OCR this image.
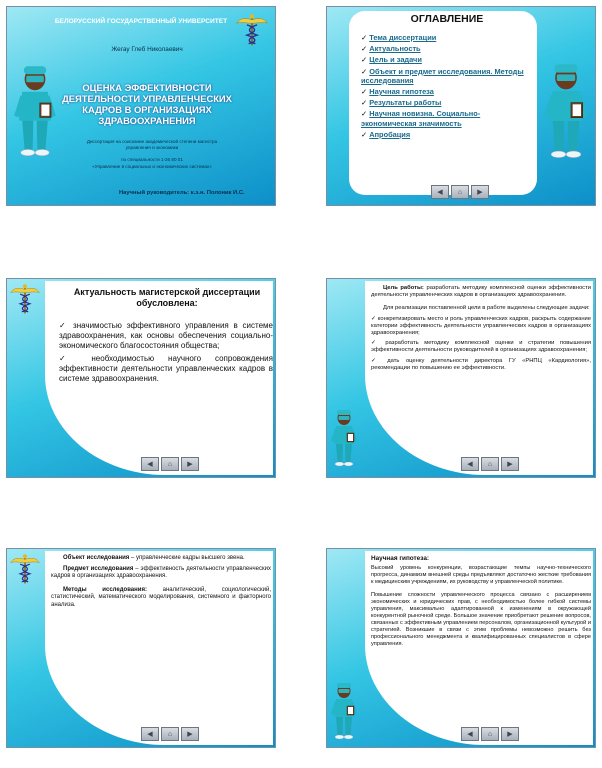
БЕЛОРУССКИЙ ГОСУДАРСТВЕННЫЙ УНИВЕРСИТЕТ
Жегау Глеб Николаевич
ОЦЕНКА ЭФФЕКТИВНОСТИ ДЕЯТЕЛЬНОСТИ УПРАВЛЕНЧЕСКИХ КАДРОВ В ОРГАНИЗАЦИЯХ ЗДРАВООХРАНЕНИЯ
Диссертация на соискание академической степени магистра управления и экономики
по специальности 1-26 80 01
«Управление в социальных и экономических системах»
Научный руководитель: к.э.н. Полоник И.С.
ОГЛАВЛЕНИЕ
✓ Тема диссертации
✓ Актуальность
✓ Цель и задачи
✓ Объект и предмет исследования. Методы исследования
✓ Научная гипотеза
✓ Результаты работы
✓ Научная новизна. Социально-экономическая значимость
✓ Апробация
◀	⌂	▶
Актуальность магистерской диссертации обусловлена:

✓ значимостью эффективного управления в системе здравоохранения, как основы обеспечения социально-экономического благосостояния общества;

✓ необходимостью научного сопровождения эффективности деятельности управленческих кадров в системе здравоохранения.

◀	⌂	▶

Цель работы: разработать методику комплексной оценки эффективности деятельности управленческих кадров в организациях здравоохранения.

Для реализации поставленной цели в работе выделены следующие задачи:

✓ конкретизировать место и роль управленческих кадров, раскрыть содержание категории эффективность деятельности управленческих кадров в организациях здравоохранения;

✓ разработать методику комплексной оценки и стратегии повышения эффективности деятельности руководителей в организациях здравоохранения;

✓ дать оценку деятельности директора ГУ «РНПЦ «Кардиология», рекомендации по повышению ее эффективности.

◀	⌂	▶

Объект исследования – управленческие кадры высшего звена.

Предмет исследования – эффективность деятельности управленческих кадров в организациях здравоохранения.

Методы исследования: аналитический, социологический, статистический, математического моделирования, системного и факторного анализа.

◀	⌂	▶

Научная гипотеза:

Высокий уровень конкуренции, возрастающие темпы научно-технического прогресса, динамизм внешней среды предъявляют достаточно жесткие требования к медицинским учреждениям, их руководству и управленческой политике.

Повышение сложности управленческого процесса связано с расширением экономических и юридических прав, с необходимостью более гибкой системы управления, максимально адаптированной к изменениям в окружающей конкурентной рыночной среде. Большое значение приобретают решение вопросов, связанных с эффективным управлением персоналом, организационной культурой и стратегией. Возникшие в связи с этим проблемы невозможно решить без профессионального менеджмента и квалифицированных специалистов в сфере управления.

◀	⌂	▶
